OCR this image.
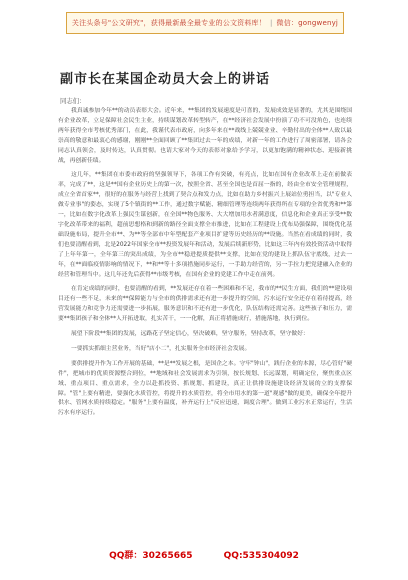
关注头条号"公文研究"，获得最新最全最专业的公文资料库！ | 微信：gongwenyj
副市长在某国企动员大会上的讲话
同志们：

我真诚参加今年**的动员表彰大会。近年来，**集团的发展速度是可喜的，发展成效是显著的，尤其是围绕国有企业改革，立足保障社会民生主业，持续谋划改革转型转产，在**经济社会发展中扮演了功不可没角色，也连续两年获得全市考核优秀部门，在此，我谨代表市政府，向多年来在**战线上兢兢业业、辛勤付出的全体**人致以最崇高的敬意和最衷心的感谢，刚刚**全面回顾了**集团过去一年的成绩，对新一年的工作进行了周密部署，请各会同志认真领会，及时传达，认真贯彻。也请大家对今天的表彰对象给予学习，以更加饱满的精神状态、迎接新挑战，再创新佳绩。

这几年，**集团在市委市政府的坚强领导下，各项工作有突破，有亮点，比如在国有企业改革上走在前做表率，完成了**，这是**国有企业历史上的第一次，按照全省、甚至全国也是首屈一指的，经由全市安全管理规程，成立全省首家**，很好的在服务与经营上找到了契合点和发力点，比如在助力乡村振兴上展站位勇担当，以"专业人做专业事"的姿态，实现了5个镇街的**工作，通过数字赋能、精细管理等连续两年获得所在专项的全省优秀和**第一，比如在数字化改革上强民生谋创新，在全国**物色服务、大大增加用水者满意度，信息化和企业真正享受**数字化改革带来的福利，超前思想格和到新的路径全面支撑全市推进，比如在工程建设上优布局强保障，围绕优化基础设施布局，提升全市**、为**等全部市中年型配套产业项目扩建等历史经历的**设施。当然在看成绩的同时，我们也要清醒看到，北是2022年国家全市**投资发展年和活动，发展后续新形势，比如这三年内有效投资活动中取得了上年年第一，全年第三的突出成绩，为全市**稳进提质提供**支撑，比如在党的建设上抓队伍守底线，过去一年，在**面临疫情影响的情况下，**和**等十多项措施同步运行，一手助力经营的，另一手拉力把党建融入企业的经营和管理当中。这几年还先后获得**市级考核，在国有企业的党建工作中走在前列。

在肯定成绩的同时，也要清醒的看到，**发展还存在着一些困难和不足，我市的**民生方面，我们的**建设项目还有一些不足，未来的**保障能力与全市的供排需求还有进一步提升的空间，污水运行安全还存在着待提高，经营发展能力和竞争力还需要进一步拓展，服务意识和不还有进一步优化，队伍结构还需完善。这些孩子和压力，需要**集团孩子和全体**人开拓进取，扎实苦干，一一化解，真正将措施成行，措施落地，执行到位。

展望下阶段**集团的发展，远路花子坚定信心，坚决破难，坚守服务，坚持改革，坚守做好：

一要抓实抓细主营业务，当好"店小二"，扎实服务全市经济社会发展。

要供排提升作为工作开展的基础，**是**发展之根，是国企之本。守牢"钟山"，践行企业的本源，尽心管好"硬件"，把城市的优质资源整合到位，**地域和社会发展需求为引领，按长规划、长远谋划，明确定位，聚焦重点区域、重点项目、重点需求，全力以赴抓投资、抓规划、抓建设，真正让供排设施建设经济发展的立的支撑保障。"管"上要有精进，要强化水质管控，将提升的水质管控，将全市用水的第一道"观感"做的更美，确保全年提升供水、管网水质持续稳定。"服务"上要有温度，补齐运行上"反应迅速，调度合理"。做到工业污水正常运行，生活污水有序运行。

QQ群：30265665	QQ:535304092
